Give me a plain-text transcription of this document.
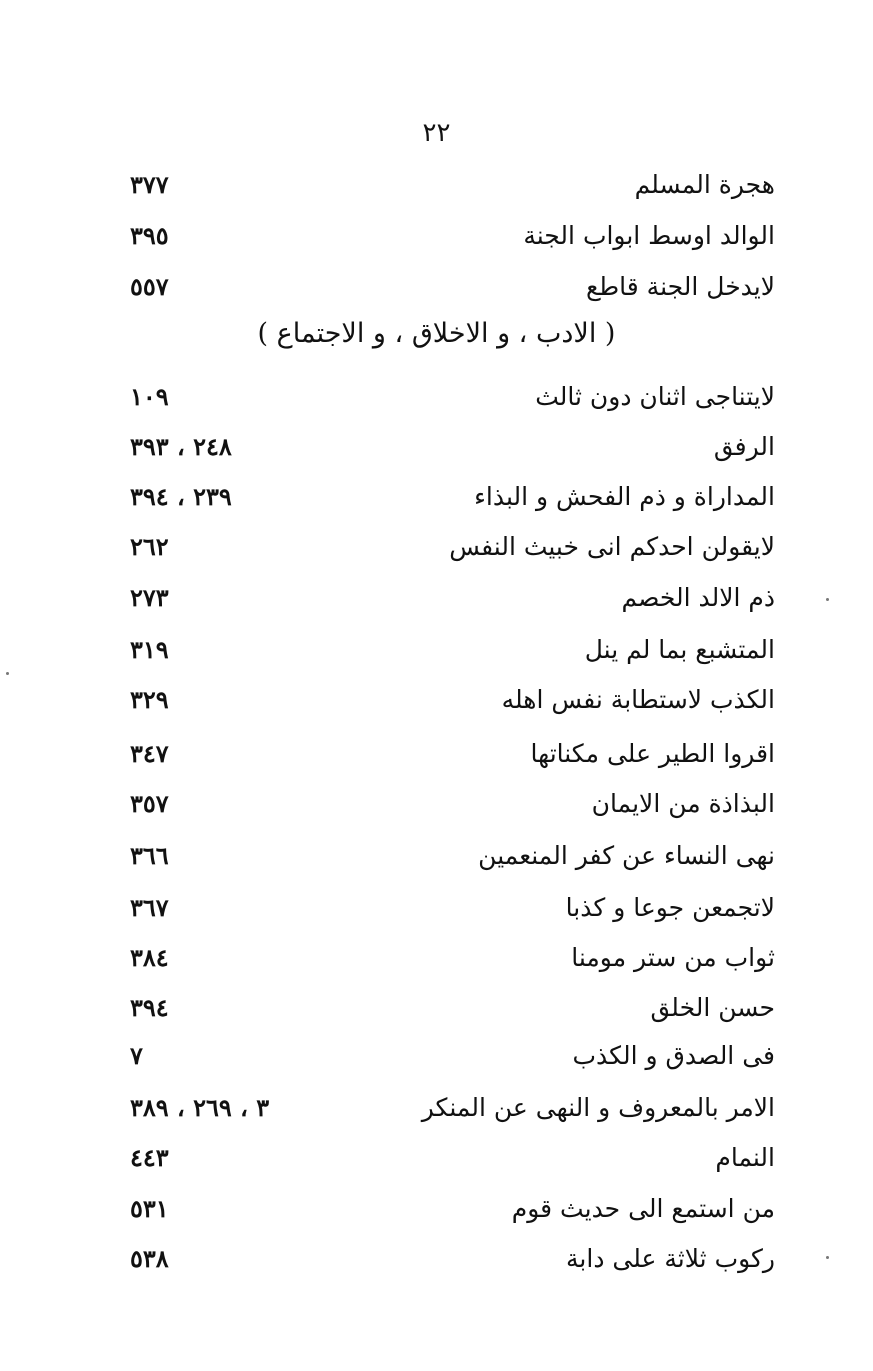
٢٢
٣٧٧	هجرة المسلم
٣٩٥	الوالد اوسط ابواب الجنة
٥٥٧	لايدخل الجنة قاطع
( الادب ، و الاخلاق ، و الاجتماع )
١٠٩	لايتناجى اثنان دون ثالث
٢٤٨ ، ٣٩٣	الرفق
٢٣٩ ، ٣٩٤	المداراة و ذم الفحش و البذاء
٢٦٢	لايقولن احدكم انى خبيث النفس
٢٧٣	ذم الالد الخصم
٣١٩	المتشبع بما لم ينل
٣٢٩	الكذب لاستطابة نفس اهله
٣٤٧	اقروا الطير على مكناتها
٣٥٧	البذاذة من الايمان
٣٦٦	نهى النساء عن كفر المنعمين
٣٦٧	لاتجمعن جوعا و كذبا
٣٨٤	ثواب من ستر مومنا
٣٩٤	حسن الخلق
٧	فى الصدق و الكذب
٣ ، ٢٦٩ ، ٣٨٩	الامر بالمعروف و النهى عن المنكر
٤٤٣	النمام
٥٣١	من استمع الى حديث قوم
٥٣٨	ركوب ثلاثة على دابة
